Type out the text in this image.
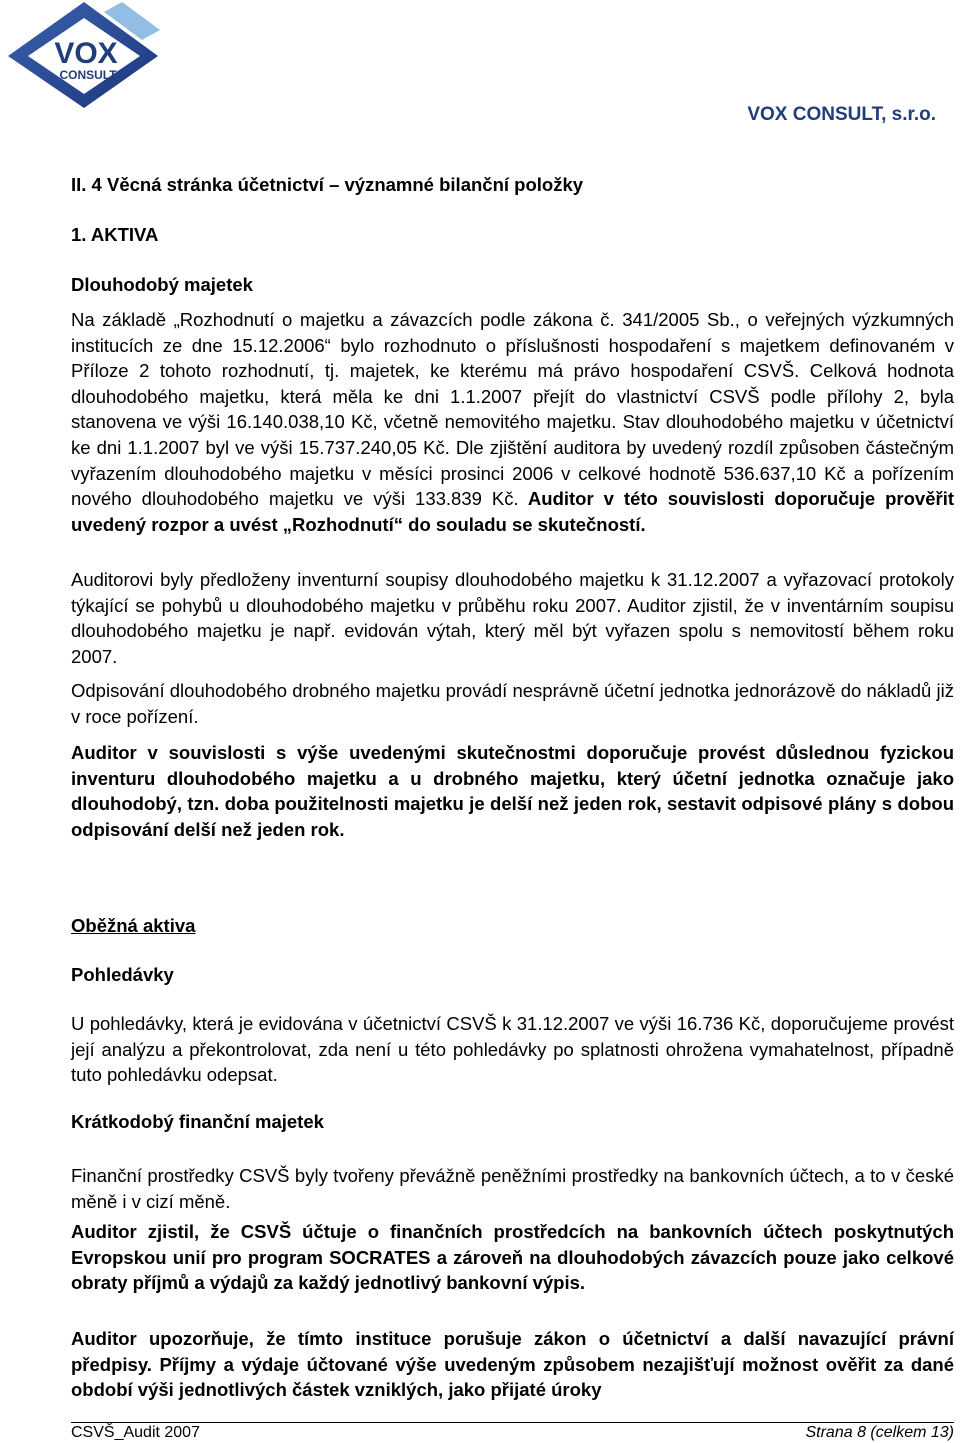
VOX
CONSULT
VOX CONSULT, s.r.o.
II. 4 Věcná stránka účetnictví – významné bilanční položky
1. AKTIVA
Dlouhodobý majetek
Na základě „Rozhodnutí o majetku a závazcích podle zákona č. 341/2005 Sb., o veřejných výzkumných institucích ze dne 15.12.2006“ bylo rozhodnuto o příslušnosti hospodaření s majetkem definovaném v Příloze 2 tohoto rozhodnutí, tj. majetek, ke kterému má právo hospodaření CSVŠ. Celková hodnota dlouhodobého majetku, která měla ke dni 1.1.2007 přejít do vlastnictví CSVŠ podle přílohy 2, byla stanovena ve výši 16.140.038,10 Kč, včetně nemovitého majetku. Stav dlouhodobého majetku v účetnictví ke dni 1.1.2007 byl ve výši 15.737.240,05 Kč. Dle zjištění auditora by uvedený rozdíl způsoben částečným vyřazením dlouhodobého majetku v měsíci prosinci 2006 v celkové hodnotě 536.637,10 Kč a pořízením nového dlouhodobého majetku ve výši 133.839 Kč. Auditor v této souvislosti doporučuje prověřit uvedený rozpor a uvést „Rozhodnutí“ do souladu se skutečností.
Auditorovi byly předloženy inventurní soupisy dlouhodobého majetku k 31.12.2007 a vyřazovací protokoly týkající se pohybů u dlouhodobého majetku v průběhu roku 2007. Auditor zjistil, že v inventárním soupisu dlouhodobého majetku je např. evidován výtah, který měl být vyřazen spolu s nemovitostí během roku 2007.
Odpisování dlouhodobého drobného majetku provádí nesprávně účetní jednotka jednorázově do nákladů již v roce pořízení.
Auditor v souvislosti s výše uvedenými skutečnostmi doporučuje provést důslednou fyzickou inventuru dlouhodobého majetku a u drobného majetku, který účetní jednotka označuje jako dlouhodobý, tzn. doba použitelnosti majetku je delší než jeden rok, sestavit odpisové plány s dobou odpisování delší než jeden rok.
Oběžná aktiva
Pohledávky
U pohledávky, která je evidována v účetnictví CSVŠ k 31.12.2007 ve výši 16.736 Kč, doporučujeme provést její analýzu a překontrolovat, zda není u této pohledávky po splatnosti ohrožena vymahatelnost, případně tuto pohledávku odepsat.
Krátkodobý finanční majetek
Finanční prostředky CSVŠ byly tvořeny převážně peněžními prostředky na bankovních účtech, a to v české měně i v cizí měně.
Auditor zjistil, že CSVŠ účtuje o finančních prostředcích na bankovních účtech poskytnutých Evropskou unií pro program SOCRATES a zároveň na dlouhodobých závazcích pouze jako celkové obraty příjmů a výdajů za každý jednotlivý bankovní výpis.
Auditor upozorňuje, že tímto instituce porušuje zákon o účetnictví a další navazující právní předpisy. Příjmy a výdaje účtované výše uvedeným způsobem nezajišťují možnost ověřit za dané období výši jednotlivých částek vzniklých, jako přijaté úroky
CSVŠ_Audit 2007	Strana 8 (celkem 13)
